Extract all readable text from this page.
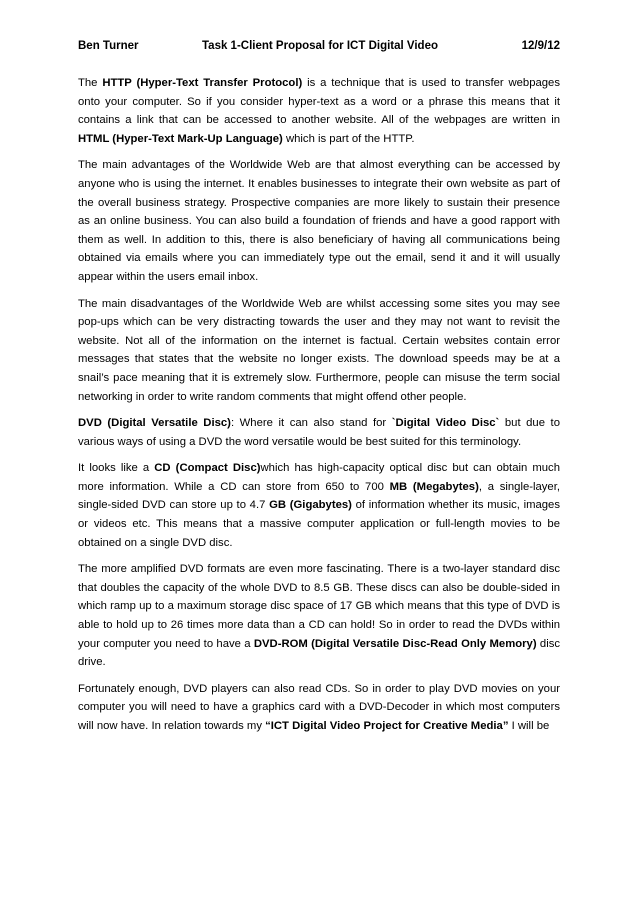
Ben Turner	Task 1-Client Proposal for ICT Digital Video	12/9/12

The HTTP (Hyper-Text Transfer Protocol) is a technique that is used to transfer webpages onto your computer. So if you consider hyper-text as a word or a phrase this means that it contains a link that can be accessed to another website. All of the webpages are written in HTML (Hyper-Text Mark-Up Language) which is part of the HTTP.

The main advantages of the Worldwide Web are that almost everything can be accessed by anyone who is using the internet. It enables businesses to integrate their own website as part of the overall business strategy. Prospective companies are more likely to sustain their presence as an online business. You can also build a foundation of friends and have a good rapport with them as well. In addition to this, there is also beneficiary of having all communications being obtained via emails where you can immediately type out the email, send it and it will usually appear within the users email inbox.

The main disadvantages of the Worldwide Web are whilst accessing some sites you may see pop-ups which can be very distracting towards the user and they may not want to revisit the website. Not all of the information on the internet is factual. Certain websites contain error messages that states that the website no longer exists. The download speeds may be at a snail’s pace meaning that it is extremely slow. Furthermore, people can misuse the term social networking in order to write random comments that might offend other people.

DVD (Digital Versatile Disc): Where it can also stand for `Digital Video Disc` but due to various ways of using a DVD the word versatile would be best suited for this terminology.

It looks like a CD (Compact Disc)which has high-capacity optical disc but can obtain much more information. While a CD can store from 650 to 700 MB (Megabytes), a single-layer, single-sided DVD can store up to 4.7 GB (Gigabytes) of information whether its music, images or videos etc. This means that a massive computer application or full-length movies to be obtained on a single DVD disc.

The more amplified DVD formats are even more fascinating. There is a two-layer standard disc that doubles the capacity of the whole DVD to 8.5 GB. These discs can also be double-sided in which ramp up to a maximum storage disc space of 17 GB which means that this type of DVD is able to hold up to 26 times more data than a CD can hold! So in order to read the DVDs within your computer you need to have a DVD-ROM (Digital Versatile Disc-Read Only Memory) disc drive.

Fortunately enough, DVD players can also read CDs. So in order to play DVD movies on your computer you will need to have a graphics card with a DVD-Decoder in which most computers will now have. In relation towards my “ICT Digital Video Project for Creative Media” I will be
